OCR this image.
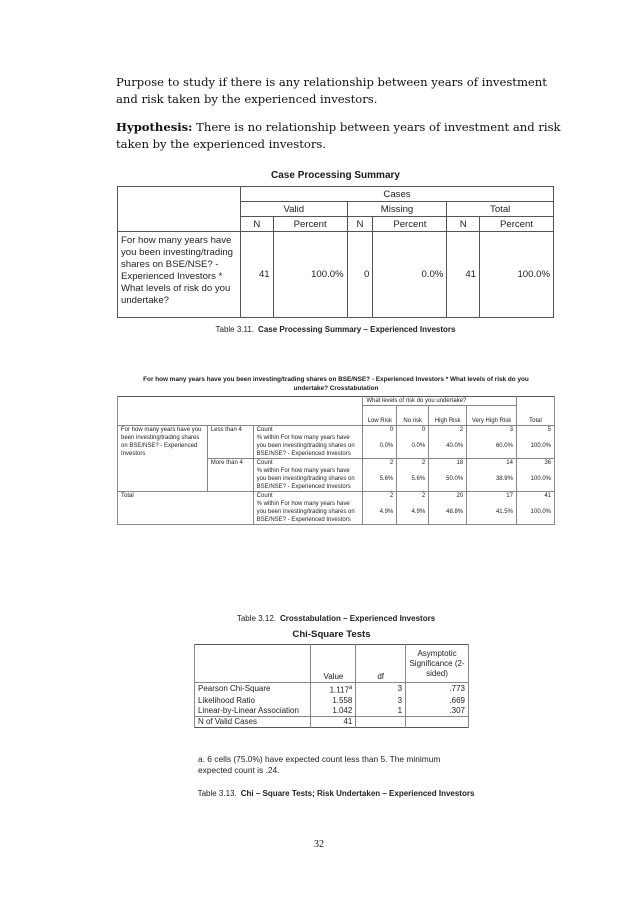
Purpose to study if there is any relationship between years of investment and risk taken by the experienced investors.
Hypothesis: There is no relationship between years of investment and risk taken by the experienced investors.
Case Processing Summary
	Cases					
	Valid		Missing		Total	
	N	Percent	N	Percent	N	Percent
For how many years have you been investing/trading shares on BSE/NSE? - Experienced Investors * What levels of risk do you undertake?	41	100.0%	0	0.0%	41	100.0%
Table 3.11. Case Processing Summary – Experienced Investors
For how many years have you been investing/trading shares on BSE/NSE? - Experienced Investors * What levels of risk do you
undertake? Crosstabulation
			What levels of risk do you undertake?				Total
			Low Risk	No risk	High Risk	Very High Risk	
For how many years have you been investing/trading shares on BSE/NSE? - Experienced Investors	Less than 4	Count	0	0	2	3	5
		% within For how many years have you been investing/trading shares on BSE/NSE? - Experienced Investors	0.0%	0.0%	40.0%	60.0%	100.0%
	More than 4	Count	2	2	18	14	36
		% within For how many years have you been investing/trading shares on BSE/NSE? - Experienced Investors	5.6%	5.6%	50.0%	38.9%	100.0%
Total		Count	2	2	20	17	41
		% within For how many years have you been investing/trading shares on BSE/NSE? - Experienced Investors	4.9%	4.9%	48.8%	41.5%	100.0%
Table 3.12. Crosstabulation – Experienced Investors
Chi-Square Tests
	Value	df	Asymptotic Significance (2-sided)
Pearson Chi-Square	1.117$^a$	3	.773
Likelihood Ratio	1.558	3	.669
Linear-by-Linear Association	1.042	1	.307
N of Valid Cases	41		
a. 6 cells (75.0%) have expected count less than 5. The minimum expected count is .24.
Table 3.13. Chi – Square Tests; Risk Undertaken – Experienced Investors
32
